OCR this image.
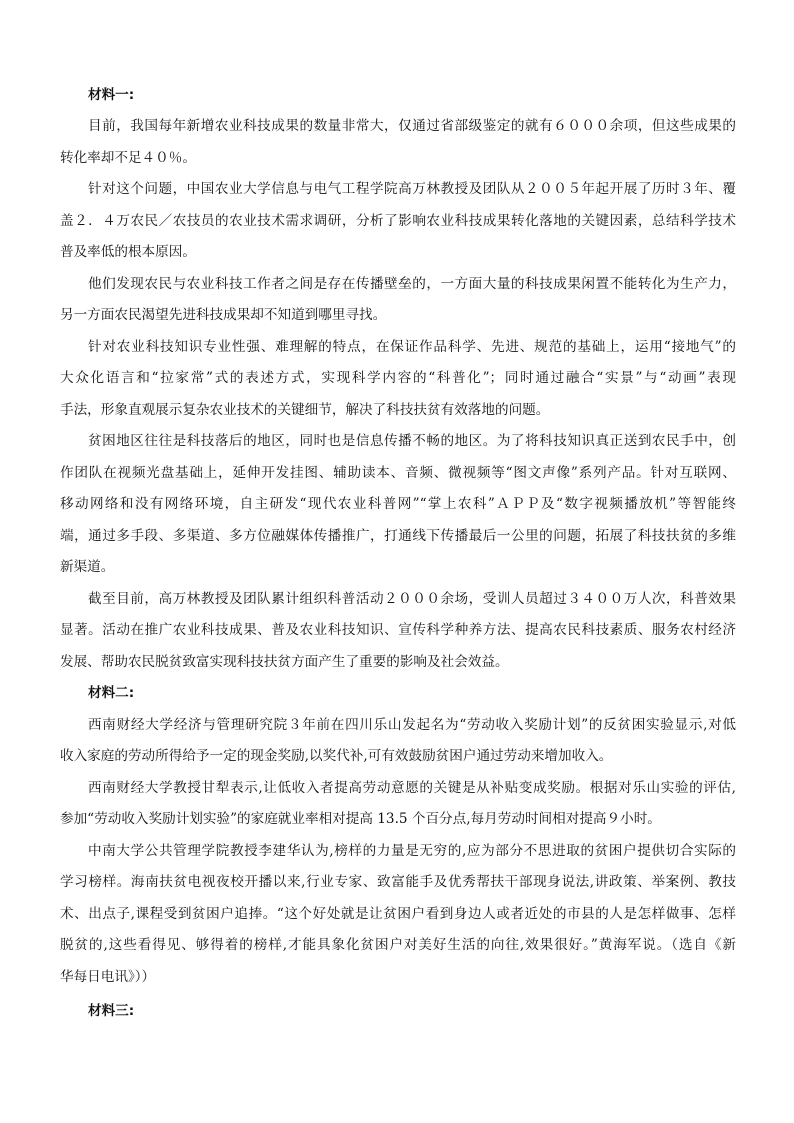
材料一:
目前，我国每年新增农业科技成果的数量非常大，仅通过省部级鉴定的就有６０００余项，但这些成果的
转化率却不足４０％。
针对这个问题，中国农业大学信息与电气工程学院高万林教授及团队从２００５年起开展了历时３年、覆
盖２．４万农民／农技员的农业技术需求调研，分析了影响农业科技成果转化落地的关键因素，总结科学技术
普及率低的根本原因。
他们发现农民与农业科技工作者之间是存在传播壁垒的，一方面大量的科技成果闲置不能转化为生产力，
另一方面农民渴望先进科技成果却不知道到哪里寻找。
针对农业科技知识专业性强、难理解的特点，在保证作品科学、先进、规范的基础上，运用“接地气”的
大众化语言和“拉家常”式的表述方式，实现科学内容的“科普化”；同时通过融合“实景”与“动画”表现
手法，形象直观展示复杂农业技术的关键细节，解决了科技扶贫有效落地的问题。
贫困地区往往是科技落后的地区，同时也是信息传播不畅的地区。为了将科技知识真正送到农民手中，创
作团队在视频光盘基础上，延伸开发挂图、辅助读本、音频、微视频等“图文声像”系列产品。针对互联网、
移动网络和没有网络环境，自主研发“现代农业科普网”“掌上农科”ＡＰＰ及“数字视频播放机”等智能终
端，通过多手段、多渠道、多方位融媒体传播推广，打通线下传播最后一公里的问题，拓展了科技扶贫的多维
新渠道。
截至目前，高万林教授及团队累计组织科普活动２０００余场，受训人员超过３４００万人次，科普效果
显著。活动在推广农业科技成果、普及农业科技知识、宣传科学种养方法、提高农民科技素质、服务农村经济
发展、帮助农民脱贫致富实现科技扶贫方面产生了重要的影响及社会效益。
材料二:
西南财经大学经济与管理研究院３年前在四川乐山发起名为“劳动收入奖励计划”的反贫困实验显示,对低
收入家庭的劳动所得给予一定的现金奖励,以奖代补,可有效鼓励贫困户通过劳动来增加收入。
西南财经大学教授甘犁表示,让低收入者提高劳动意愿的关键是从补贴变成奖励。根据对乐山实验的评估,
参加“劳动收入奖励计划实验”的家庭就业率相对提高 13.5 个百分点,每月劳动时间相对提高９小时。
中南大学公共管理学院教授李建华认为,榜样的力量是无穷的,应为部分不思进取的贫困户提供切合实际的
学习榜样。海南扶贫电视夜校开播以来,行业专家、致富能手及优秀帮扶干部现身说法,讲政策、举案例、教技
术、出点子,课程受到贫困户追捧。“这个好处就是让贫困户看到身边人或者近处的市县的人是怎样做事、怎样
脱贫的,这些看得见、够得着的榜样,才能具象化贫困户对美好生活的向往,效果很好。”黄海军说。（选自《新
华每日电讯》））
材料三:
